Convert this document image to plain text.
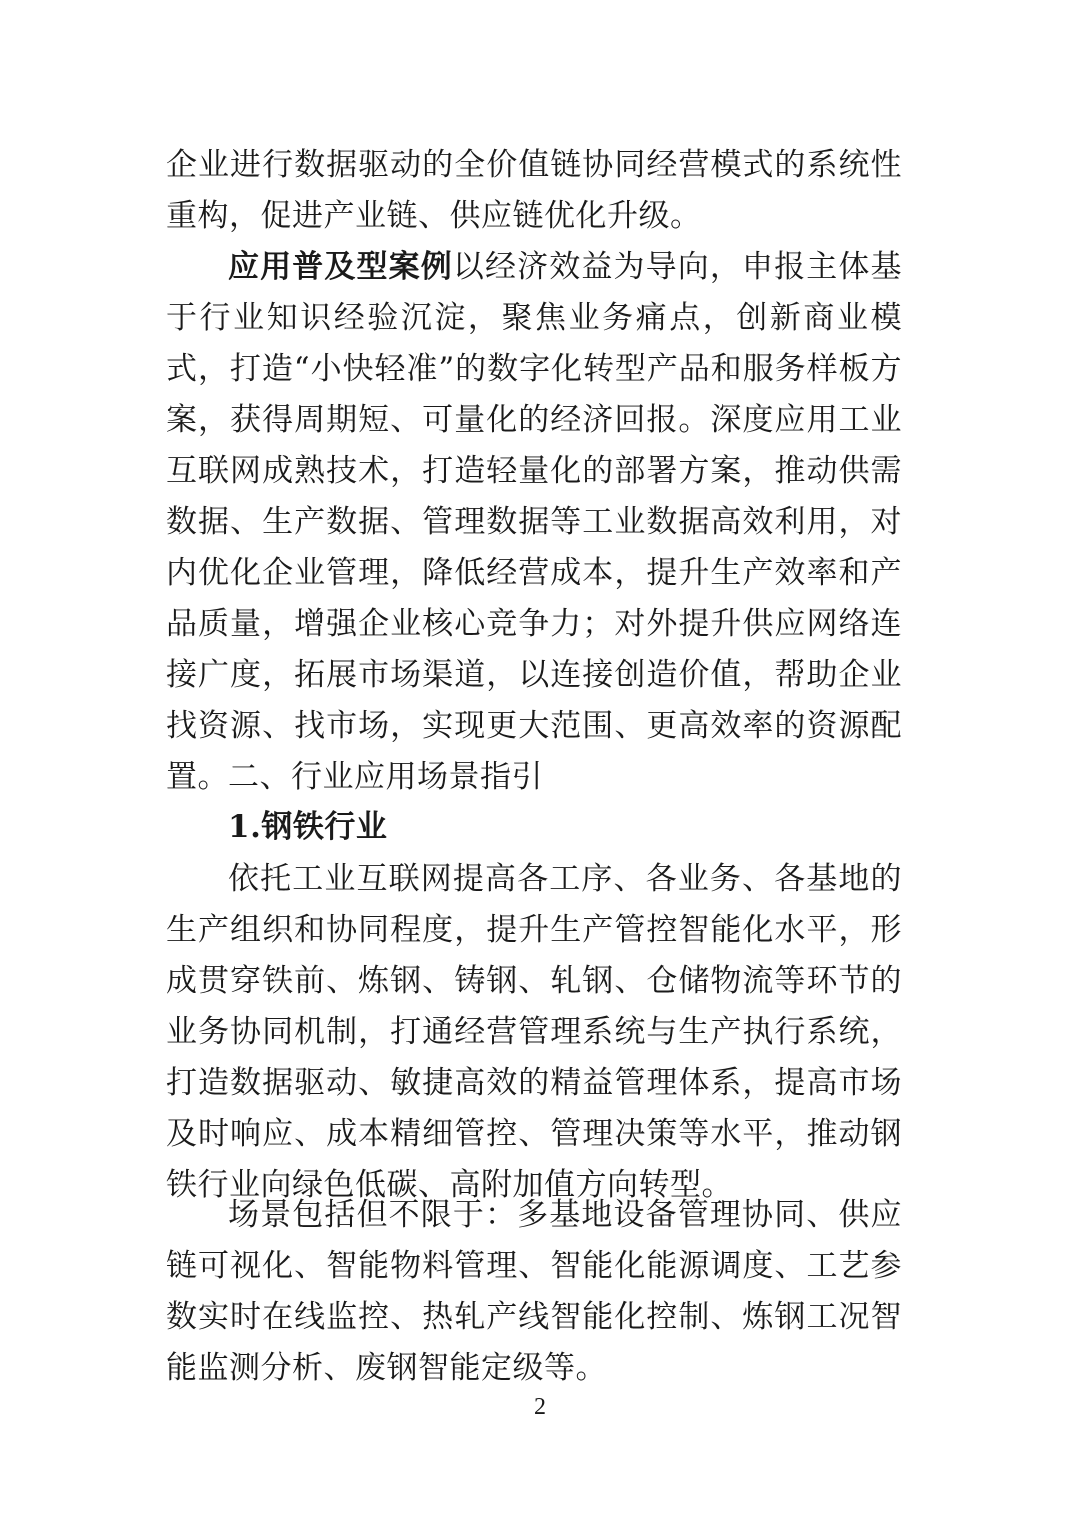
企业进行数据驱动的全价值链协同经营模式的系统性重构，促进产业链、供应链优化升级。
应用普及型案例以经济效益为导向，申报主体基于行业知识经验沉淀，聚焦业务痛点，创新商业模式，打造“小快轻准”的数字化转型产品和服务样板方案，获得周期短、可量化的经济回报。深度应用工业互联网成熟技术，打造轻量化的部署方案，推动供需数据、生产数据、管理数据等工业数据高效利用，对内优化企业管理，降低经营成本，提升生产效率和产品质量，增强企业核心竞争力；对外提升供应网络连接广度，拓展市场渠道，以连接创造价值，帮助企业找资源、找市场，实现更大范围、更高效率的资源配置。 二、行业应用场景指引
1.钢铁行业
依托工业互联网提高各工序、各业务、各基地的生产组织和协同程度，提升生产管控智能化水平，形成贯穿铁前、炼钢、铸钢、轧钢、仓储物流等环节的业务协同机制，打通经营管理系统与生产执行系统，打造数据驱动、敏捷高效的精益管理体系，提高市场及时响应、成本精细管控、管理决策等水平，推动钢铁行业向绿色低碳、高附加值方向转型。
场景包括但不限于：多基地设备管理协同、供应链可视化、智能物料管理、智能化能源调度、工艺参数实时在线监控、热轧产线智能化控制、炼钢工况智能监测分析、废钢智能定级等。
2
